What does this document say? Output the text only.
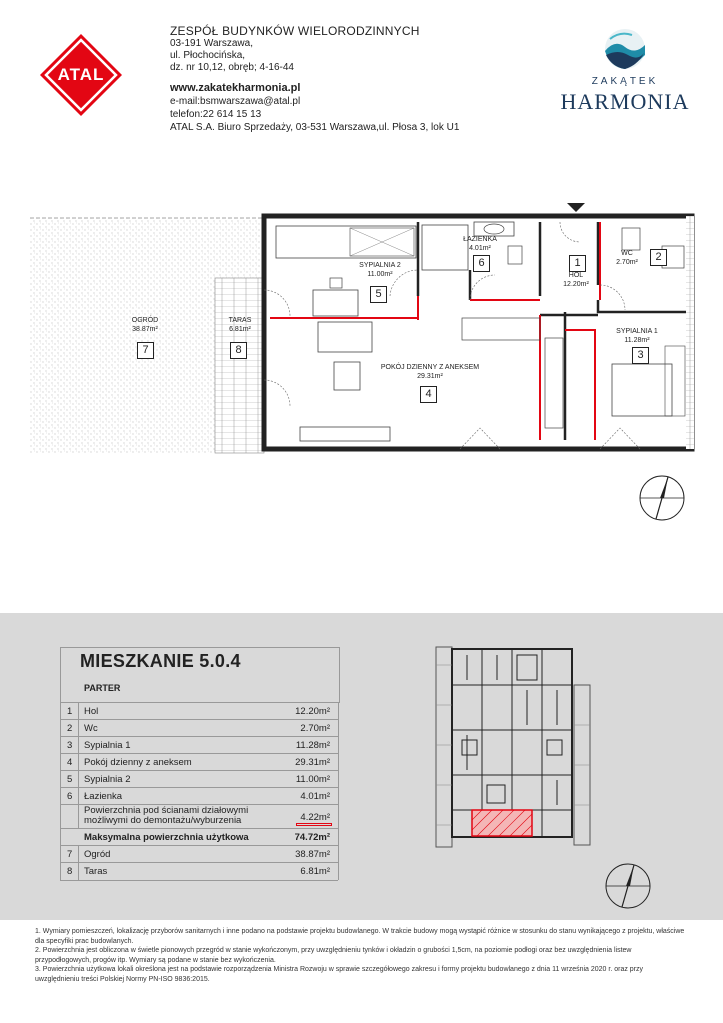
ATAL
ZESPÓŁ BUDYNKÓW WIELORODZINNYCH
03-191 Warszawa,
ul. Płochocińska,
dz. nr 10,12, obręb; 4-16-44
www.zakatekharmonia.pl
e-mail:bsmwarszawa@atal.pl
telefon:22 614 15 13
ATAL S.A. Biuro Sprzedaży, 03-531 Warszawa,ul. Płosa 3, lok U1
ZAKĄTEK
HARMONIA
SYPIALNIA 2
11.00m²
5
ŁAZIENKA
4.01m²
6	1
HOL
12.20m²
WC
2.70m²	2
SYPIALNIA 1
11.28m²
3
POKÓJ DZIENNY Z ANEKSEM
29.31m²
4
OGRÓD
38.87m²
7
TARAS
6.81m²
8
MIESZKANIE 5.0.4
PARTER
1 Hol	12.20m²
2 Wc	2.70m²
3 Sypialnia 1	11.28m²
4 Pokój dzienny z aneksem	29.31m²
5 Sypialnia 2	11.00m²
6 Łazienka	4.01m²
Powierzchnia pod ścianami działowymi
możliwymi do demontażu/wyburzenia	4.22m²
Maksymalna powierzchnia użytkowa	74.72m²
7 Ogród	38.87m²
8 Taras	6.81m²

1. Wymiary pomieszczeń, lokalizację przyborów sanitarnych i inne podano na podstawie projektu budowlanego. W trakcie budowy mogą wystąpić różnice w stosunku do stanu wynikającego z projektu, właściwe dla specyfiki prac budowlanych.

2. Powierzchnia jest obliczona w świetle pionowych przegród w stanie wykończonym, przy uwzględnieniu tynków i okładzin o grubości 1,5cm, na poziomie podłogi oraz bez uwzględnienia listew przypodłogowych, progów itp. Wymiary są podane w stanie bez wykończenia.

3. Powierzchnia użytkowa lokali określona jest na podstawie rozporządzenia Ministra Rozwoju w sprawie szczegółowego zakresu i formy projektu budowlanego z dnia 11 września 2020 r. oraz przy uwzględnieniu treści Polskiej Normy PN-ISO 9836:2015.
